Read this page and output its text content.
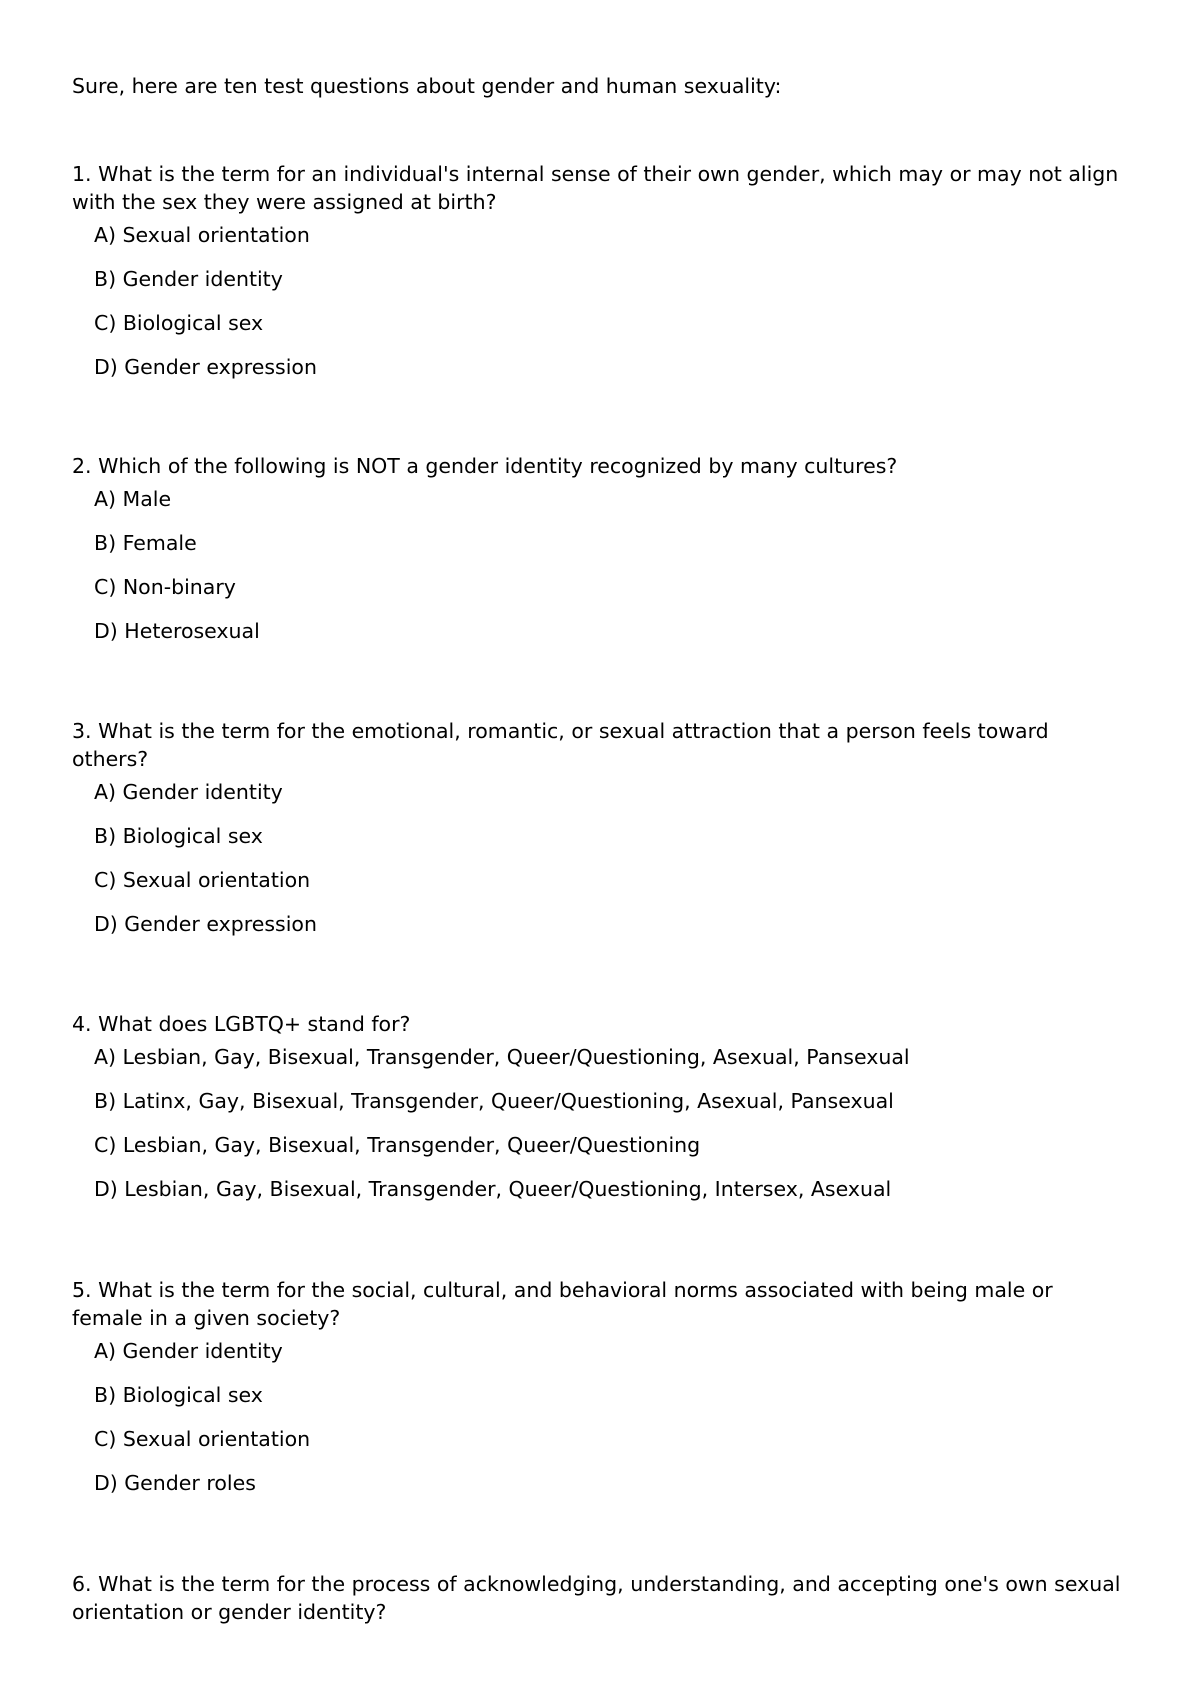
Sure, here are ten test questions about gender and human sexuality:

1. What is the term for an individual's internal sense of their own gender, which may or may not align with the sex they were assigned at birth?

A) Sexual orientation
B) Gender identity
C) Biological sex
D) Gender expression

2. Which of the following is NOT a gender identity recognized by many cultures?

A) Male
B) Female
C) Non-binary
D) Heterosexual

3. What is the term for the emotional, romantic, or sexual attraction that a person feels toward others?

A) Gender identity
B) Biological sex
C) Sexual orientation
D) Gender expression

4. What does LGBTQ+ stand for?

A) Lesbian, Gay, Bisexual, Transgender, Queer/Questioning, Asexual, Pansexual
B) Latinx, Gay, Bisexual, Transgender, Queer/Questioning, Asexual, Pansexual
C) Lesbian, Gay, Bisexual, Transgender, Queer/Questioning
D) Lesbian, Gay, Bisexual, Transgender, Queer/Questioning, Intersex, Asexual

5. What is the term for the social, cultural, and behavioral norms associated with being male or female in a given society?

A) Gender identity
B) Biological sex
C) Sexual orientation
D) Gender roles

6. What is the term for the process of acknowledging, understanding, and accepting one's own sexual orientation or gender identity?
